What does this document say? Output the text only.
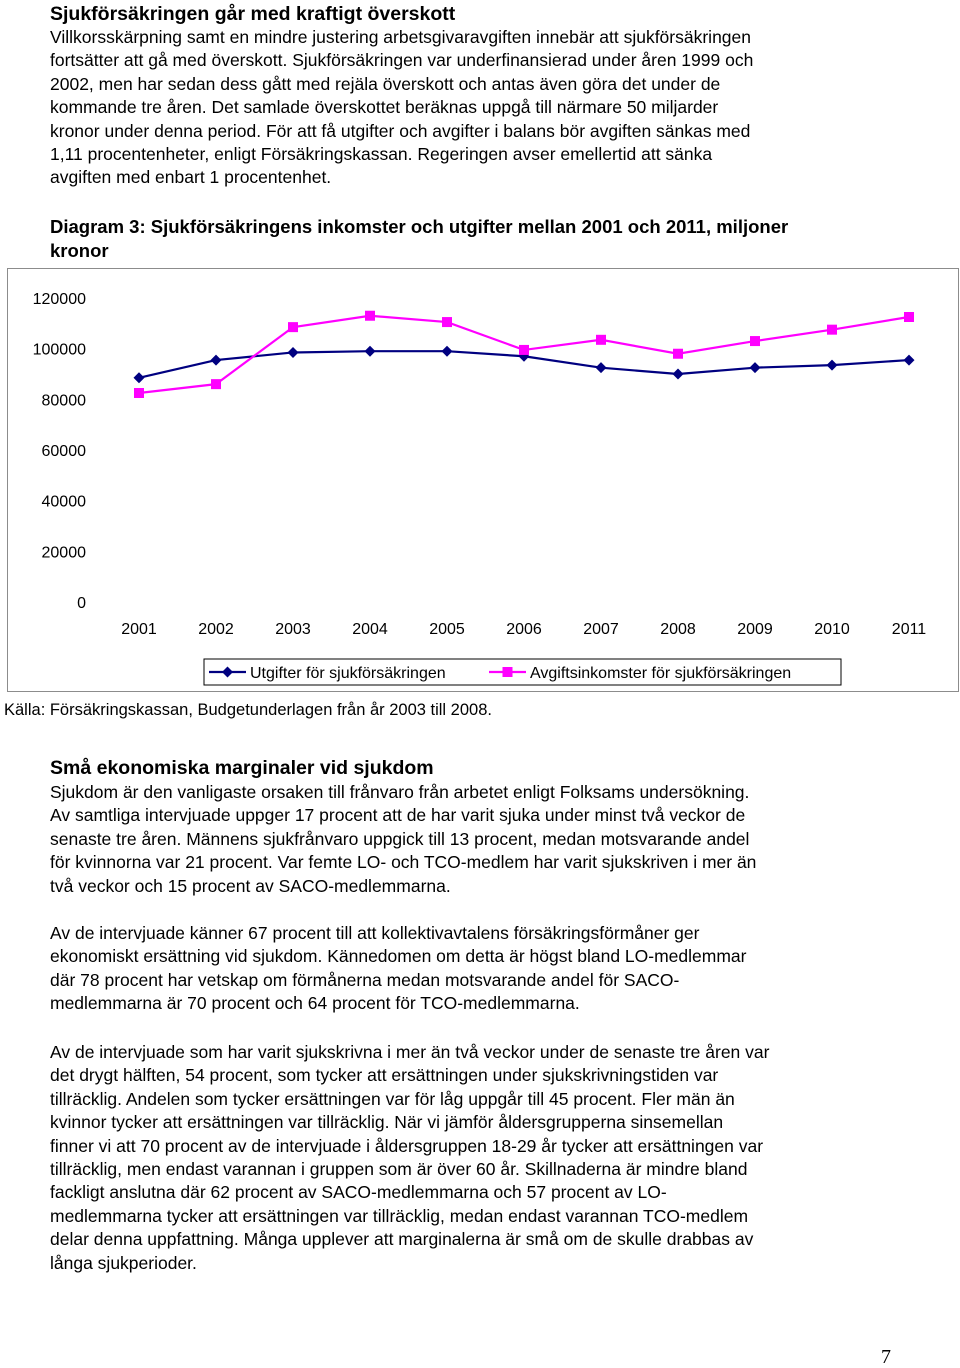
Sjukförsäkringen går med kraftigt överskott
Villkorsskärpning samt en mindre justering arbetsgivaravgiften innebär att sjukförsäkringen
fortsätter att gå med överskott. Sjukförsäkringen var underfinansierad under åren 1999 och
2002, men har sedan dess gått med rejäla överskott och antas även göra det under de
kommande tre åren. Det samlade överskottet beräknas uppgå till närmare 50 miljarder
kronor under denna period. För att få utgifter och avgifter i balans bör avgiften sänkas med
1,11 procentenheter, enligt Försäkringskassan. Regeringen avser emellertid att sänka
avgiften med enbart 1 procentenhet.
Diagram 3: Sjukförsäkringens inkomster och utgifter mellan 2001 och 2011, miljoner
kronor
0
20000
40000
60000
80000
100000
120000
2001	2002	2003	2004	2005	2006	2007	2008	2009	2010	2011
Utgifter för sjukförsäkringen	Avgiftsinkomster för sjukförsäkringen

Källa: Försäkringskassan, Budgetunderlagen från år 2003 till 2008.

Små ekonomiska marginaler vid sjukdom
Sjukdom är den vanligaste orsaken till frånvaro från arbetet enligt Folksams undersökning.
Av samtliga intervjuade uppger 17 procent att de har varit sjuka under minst två veckor de
senaste tre åren. Männens sjukfrånvaro uppgick till 13 procent, medan motsvarande andel
för kvinnorna var 21 procent. Var femte LO- och TCO-medlem har varit sjukskriven i mer än
två veckor och 15 procent av SACO-medlemmarna.
Av de intervjuade känner 67 procent till att kollektivavtalens försäkringsförmåner ger
ekonomiskt ersättning vid sjukdom. Kännedomen om detta är högst bland LO-medlemmar
där 78 procent har vetskap om förmånerna medan motsvarande andel för SACO-
medlemmarna är 70 procent och 64 procent för TCO-medlemmarna.
Av de intervjuade som har varit sjukskrivna i mer än två veckor under de senaste tre åren var
det drygt hälften, 54 procent, som tycker att ersättningen under sjukskrivningstiden var
tillräcklig. Andelen som tycker ersättningen var för låg uppgår till 45 procent. Fler män än
kvinnor tycker att ersättningen var tillräcklig. När vi jämför åldersgrupperna sinsemellan
finner vi att 70 procent av de intervjuade i åldersgruppen 18-29 år tycker att ersättningen var
tillräcklig, men endast varannan i gruppen som är över 60 år. Skillnaderna är mindre bland
fackligt anslutna där 62 procent av SACO-medlemmarna och 57 procent av LO-
medlemmarna tycker att ersättningen var tillräcklig, medan endast varannan TCO-medlem
delar denna uppfattning. Många upplever att marginalerna är små om de skulle drabbas av
långa sjukperioder.
7
